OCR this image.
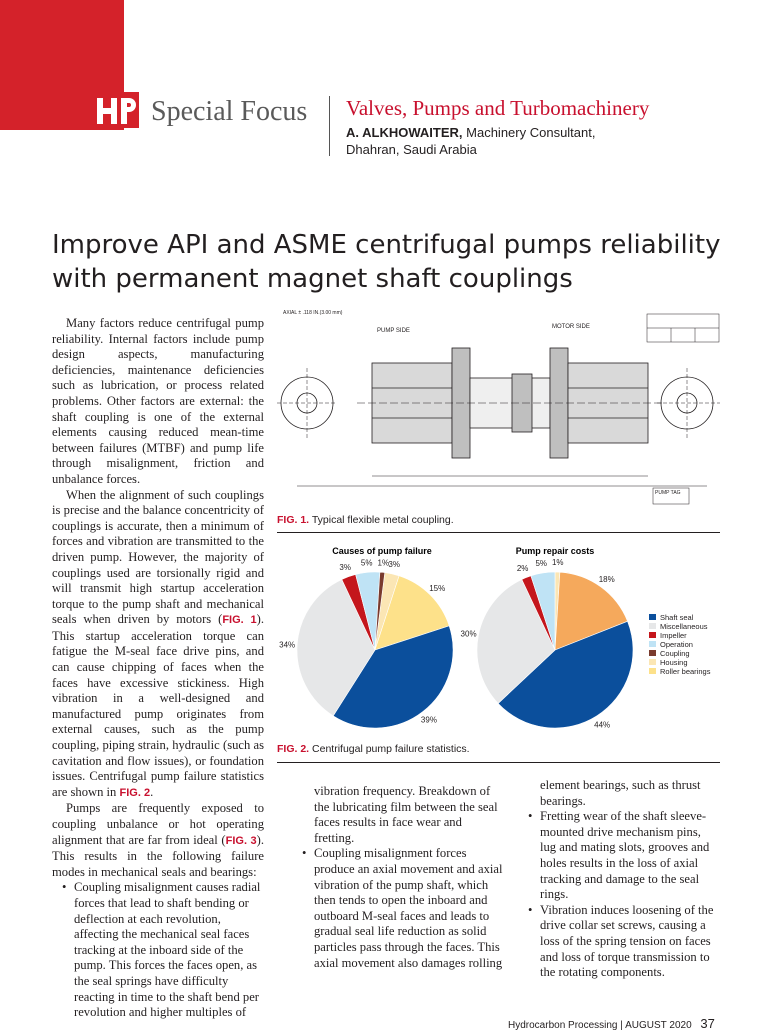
Special Focus Valves, Pumps and Turbomachinery
A. ALKHOWAITER, Machinery Consultant,
Dhahran, Saudi Arabia
Improve API and ASME centrifugal pumps reliability with permanent magnet shaft couplings

Many factors reduce centrifugal pump reliability. Internal factors include pump design aspects, manufacturing deficiencies, maintenance deficiencies such as lubrication, or process related problems. Other factors are external: the shaft coupling is one of the external elements causing reduced mean-time between failures (MTBF) and pump life through misalignment, friction and unbalance forces.

When the alignment of such couplings is precise and the balance concentricity of couplings is accurate, then a minimum of forces and vibration are transmitted to the driven pump. However, the majority of couplings used are torsionally rigid and will transmit high startup acceleration torque to the pump shaft and mechanical seals when driven by motors (FIG. 1). This startup acceleration torque can fatigue the M-seal face drive pins, and can cause chipping of faces when the faces have excessive stickiness. High vibration in a well-designed and manufactured pump originates from external causes, such as the pump coupling, piping strain, hydraulic (such as cavitation and flow issues), or foundation issues. Centrifugal pump failure statistics are shown in FIG. 2.

Pumps are frequently exposed to coupling unbalance or hot operating alignment that are far from ideal (FIG. 3). This results in the following failure modes in mechanical seals and bearings:

• Coupling misalignment causes radial forces that lead to shaft bending or deflection at each revolution, affecting the mechanical seal faces tracking at the inboard side of the pump. This forces the faces open, as the seal springs have difficulty reacting in time to the shaft bend per revolution and higher multiples of
vibration frequency. Breakdown of the lubricating film between the seal faces results in face wear and fretting.
• Coupling misalignment forces produce an axial movement and axial vibration of the pump shaft, which then tends to open the inboard and outboard M-seal faces and leads to gradual seal life reduction as solid particles pass through the faces. This axial movement also damages rolling
element bearings, such as thrust bearings.
• Fretting wear of the shaft sleeve-mounted drive mechanism pins, lug and mating slots, grooves and holes results in the loss of axial tracking and damage to the seal rings.
• Vibration induces loosening of the drive collar set screws, causing a loss of the spring tension on faces and loss of torque transmission to the rotating components.
PUMP SIDE
MOTOR SIDE
AXIAL ± .118 IN.(3.00 mm)
PUMP TAG
FIG. 1. Typical flexible metal coupling.
Causes of pump failure	Pump repair costs
3%
15%
39%
34%
3%
5% 1%	1%
18%
44%
30%
2%
5%
Shaft seal
Miscellaneous
Impeller
Operation
Coupling
Housing
Roller bearings
FIG. 2. Centrifugal pump failure statistics.
Hydrocarbon Processing | AUGUST 2020 37
